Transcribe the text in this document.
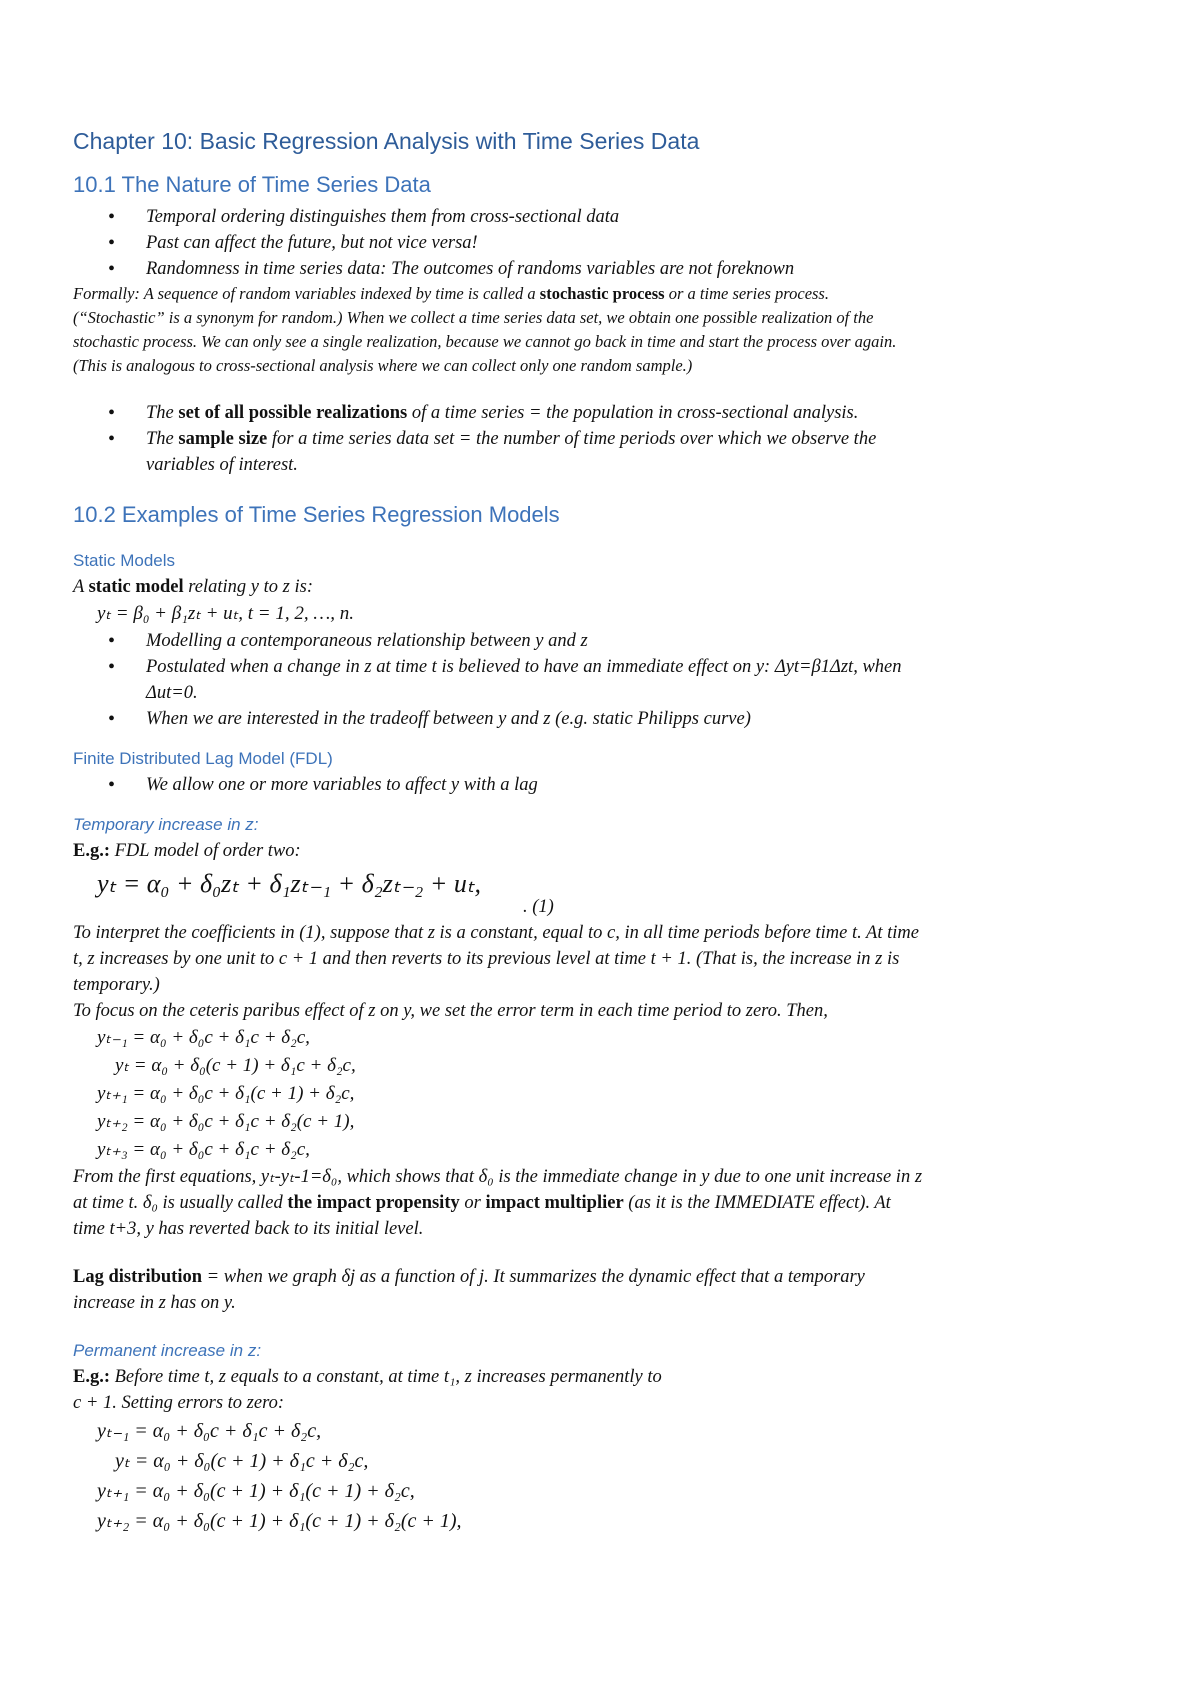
Chapter 10: Basic Regression Analysis with Time Series Data
10.1 The Nature of Time Series Data
• Temporal ordering distinguishes them from cross-sectional data
• Past can affect the future, but not vice versa!
• Randomness in time series data: The outcomes of randoms variables are not foreknown

Formally: A sequence of random variables indexed by time is called a stochastic process or a time series process.
(“Stochastic” is a synonym for random.) When we collect a time series data set, we obtain one possible realization of the
stochastic process. We can only see a single realization, because we cannot go back in time and start the process over again.
(This is analogous to cross-sectional analysis where we can collect only one random sample.)

• The set of all possible realizations of a time series = the population in cross-sectional analysis.
• The sample size for a time series data set = the number of time periods over which we observe the
variables of interest.
10.2 Examples of Time Series Regression Models
Static Models

A static model relating y to z is:

yₜ = β₀ + β₁zₜ + uₜ, t = 1, 2, …, n.
• Modelling a contemporaneous relationship between y and z
• Postulated when a change in z at time t is believed to have an immediate effect on y: Δyt=β1Δzt, when
Δut=0.
• When we are interested in the tradeoff between y and z (e.g. static Philipps curve)
Finite Distributed Lag Model (FDL)
• We allow one or more variables to affect y with a lag
Temporary increase in z:

E.g.: FDL model of order two:

yₜ = α₀ + δ₀zₜ + δ₁zₜ₋₁ + δ₂zₜ₋₂ + uₜ,

. (1)

To interpret the coefficients in (1), suppose that z is a constant, equal to c, in all time periods before time t. At time
t, z increases by one unit to c + 1 and then reverts to its previous level at time t + 1. (That is, the increase in z is
temporary.)
To focus on the ceteris paribus effect of z on y, we set the error term in each time period to zero. Then,

yₜ₋₁ = α₀ + δ₀c + δ₁c + δ₂c,
yₜ = α₀ + δ₀(c + 1) + δ₁c + δ₂c,
yₜ₊₁ = α₀ + δ₀c + δ₁(c + 1) + δ₂c,
yₜ₊₂ = α₀ + δ₀c + δ₁c + δ₂(c + 1),
yₜ₊₃ = α₀ + δ₀c + δ₁c + δ₂c,

From the first equations, yₜ-yₜ-1=δ₀, which shows that δ₀ is the immediate change in y due to one unit increase in z
at time t. δ₀ is usually called the impact propensity or impact multiplier (as it is the IMMEDIATE effect). At
time t+3, y has reverted back to its initial level.

Lag distribution = when we graph δj as a function of j. It summarizes the dynamic effect that a temporary
increase in z has on y.

Permanent increase in z:

E.g.: Before time t, z equals to a constant, at time t₁, z increases permanently to
c + 1. Setting errors to zero:

yₜ₋₁ = α₀ + δ₀c + δ₁c + δ₂c,
yₜ = α₀ + δ₀(c + 1) + δ₁c + δ₂c,
yₜ₊₁ = α₀ + δ₀(c + 1) + δ₁(c + 1) + δ₂c,
yₜ₊₂ = α₀ + δ₀(c + 1) + δ₁(c + 1) + δ₂(c + 1),
